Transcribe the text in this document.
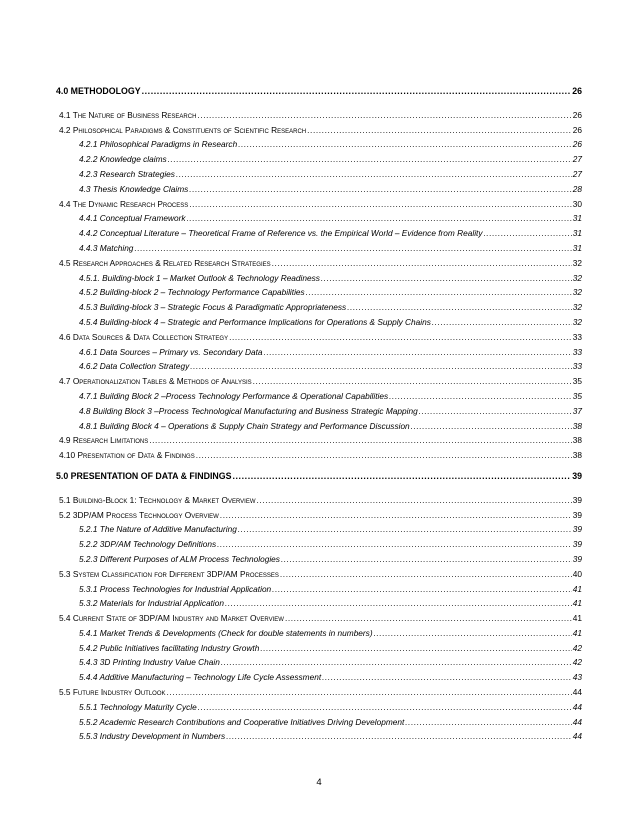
4.0 METHODOLOGY .....	26
4.1 The Nature of Business Research .....	26
4.2 Philosophical Paradigms & Constituents of Scientific Research .....	26
4.2.1 Philosophical Paradigms in Research .....	26
4.2.2 Knowledge claims .....	27
4.2.3 Research Strategies .....	27
4.3 Thesis Knowledge Claims .....	28
4.4 The Dynamic Research Process .....	30
4.4.1 Conceptual Framework .....	31
4.4.2 Conceptual Literature – Theoretical Frame of Reference vs. the Empirical World – Evidence from Reality .....	31
4.4.3 Matching .....	31
4.5 Research Approaches & Related Research Strategies .....	32
4.5.1. Building-block 1 – Market Outlook & Technology Readiness .....	32
4.5.2 Building-block 2 – Technology Performance Capabilities .....	32
4.5.3 Building-block 3 – Strategic Focus & Paradigmatic Appropriateness .....	32
4.5.4 Building-block 4 – Strategic and Performance Implications for Operations & Supply Chains .....	32
4.6 Data Sources & Data Collection Strategy .....	33
4.6.1 Data Sources – Primary vs. Secondary Data .....	33
4.6.2 Data Collection Strategy .....	33
4.7 Operationalization Tables & Methods of Analysis .....	35
4.7.1 Building Block 2 –Process Technology Performance & Operational Capabilities .....	35
4.8 Building Block 3 –Process Technological Manufacturing and Business Strategic Mapping .....	37
4.8.1 Building Block 4 – Operations & Supply Chain Strategy and Performance Discussion .....	38
4.9 Research Limitations .....	38
4.10 Presentation of Data & Findings .....	38
5.0 PRESENTATION OF DATA & FINDINGS .....	39
5.1 Building-Block 1: Technology & Market Overview .....	39
5.2 3DP/AM Process Technology Overview .....	39
5.2.1 The Nature of Additive Manufacturing .....	39
5.2.2 3DP/AM Technology Definitions .....	39
5.2.3 Different Purposes of ALM Process Technologies .....	39
5.3 System Classification for Different 3DP/AM Processes .....	40
5.3.1 Process Technologies for Industrial Application .....	41
5.3.2 Materials for Industrial Application .....	41
5.4 Current State of 3DP/AM Industry and Market Overview .....	41
5.4.1 Market Trends & Developments (Check for double statements in numbers) .....	41
5.4.2 Public Initiatives facilitating Industry Growth .....	42
5.4.3 3D Printing Industry Value Chain .....	42
5.4.4 Additive Manufacturing – Technology Life Cycle Assessment .....	43
5.5 Future Industry Outlook .....	44
5.5.1 Technology Maturity Cycle .....	44
5.5.2 Academic Research Contributions and Cooperative Initiatives Driving Development .....	44
5.5.3 Industry Development in Numbers .....	44
4
